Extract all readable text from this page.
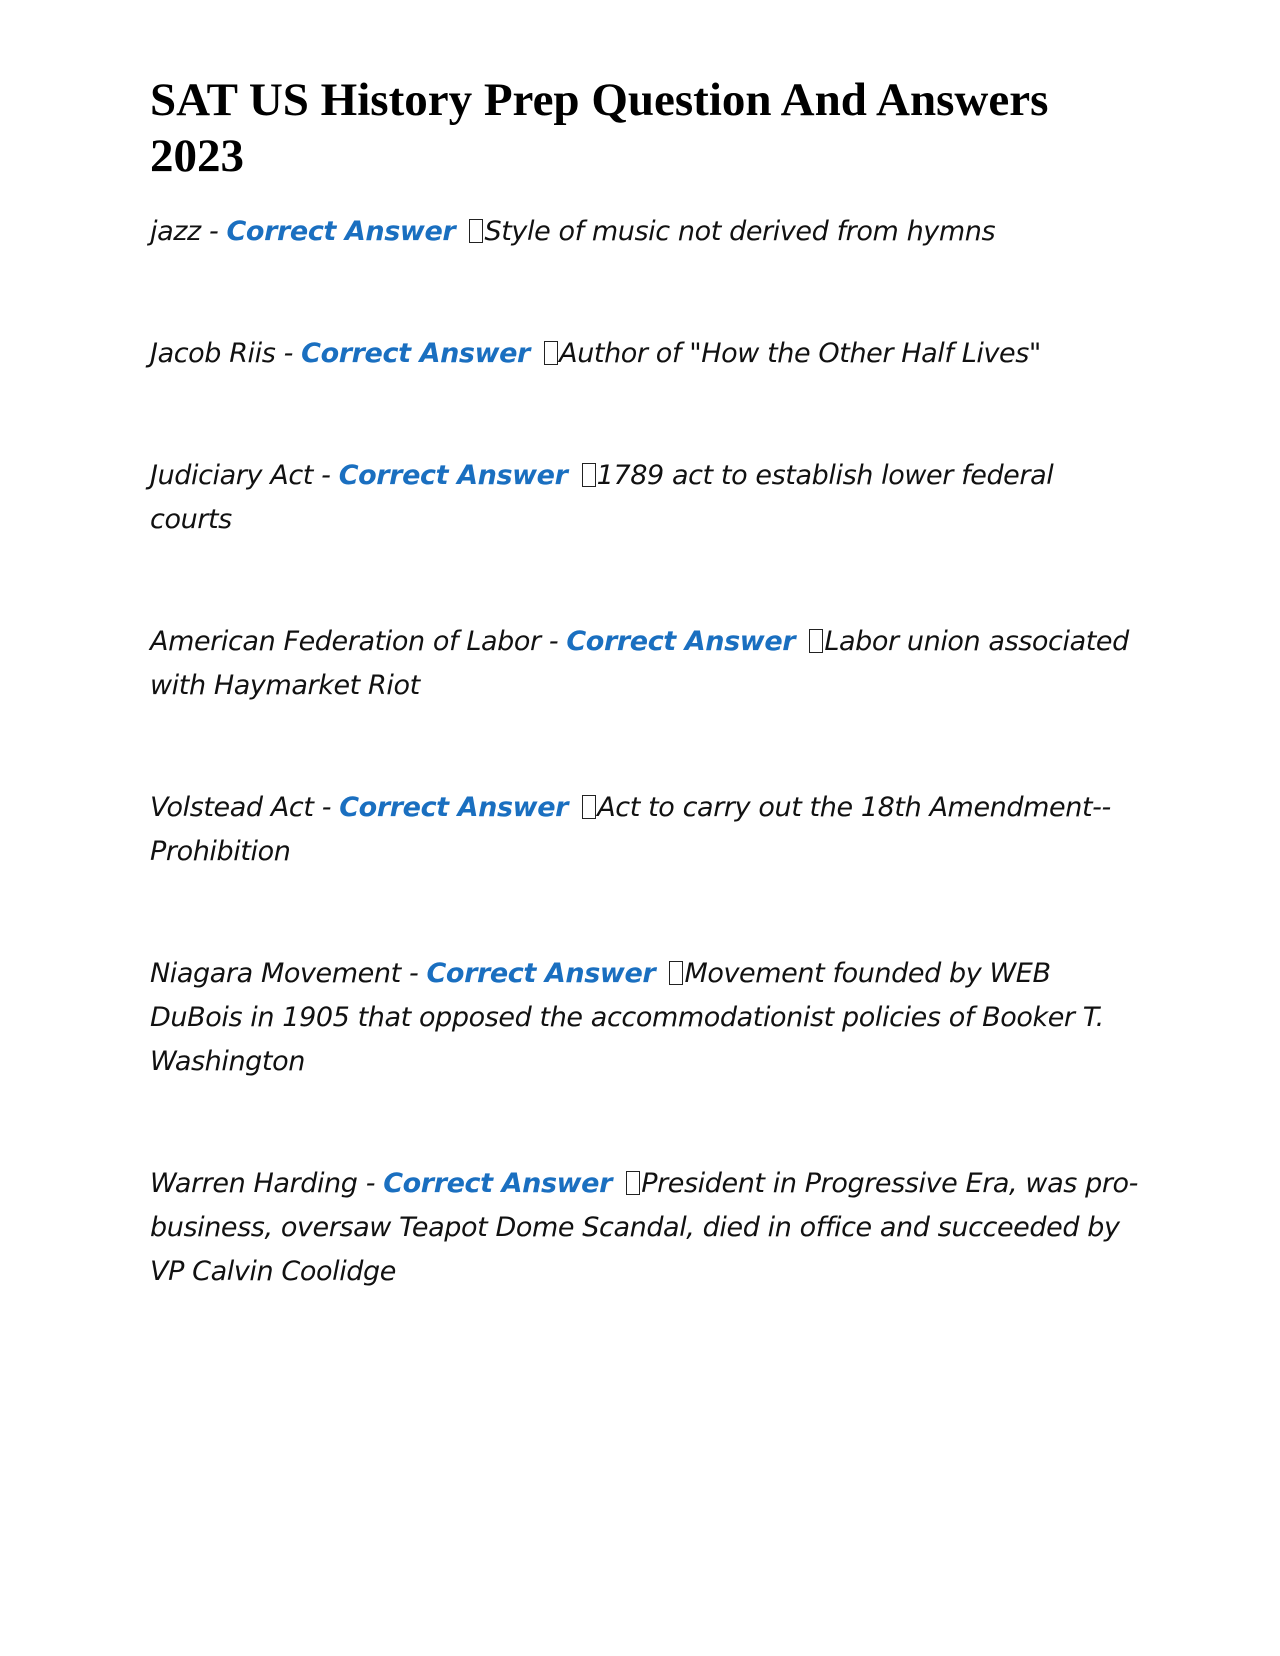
SAT US History Prep Question And Answers 2023

jazz - Correct Answer Style of music not derived from hymns

Jacob Riis - Correct Answer Author of "How the Other Half Lives"

Judiciary Act - Correct Answer 1789 act to establish lower federal courts

American Federation of Labor - Correct Answer Labor union associated with Haymarket Riot

Volstead Act - Correct Answer Act to carry out the 18th Amendment--Prohibition

Niagara Movement - Correct Answer Movement founded by WEB DuBois in 1905 that opposed the accommodationist policies of Booker T. Washington

Warren Harding - Correct Answer President in Progressive Era, was pro-business, oversaw Teapot Dome Scandal, died in office and succeeded by VP Calvin Coolidge
